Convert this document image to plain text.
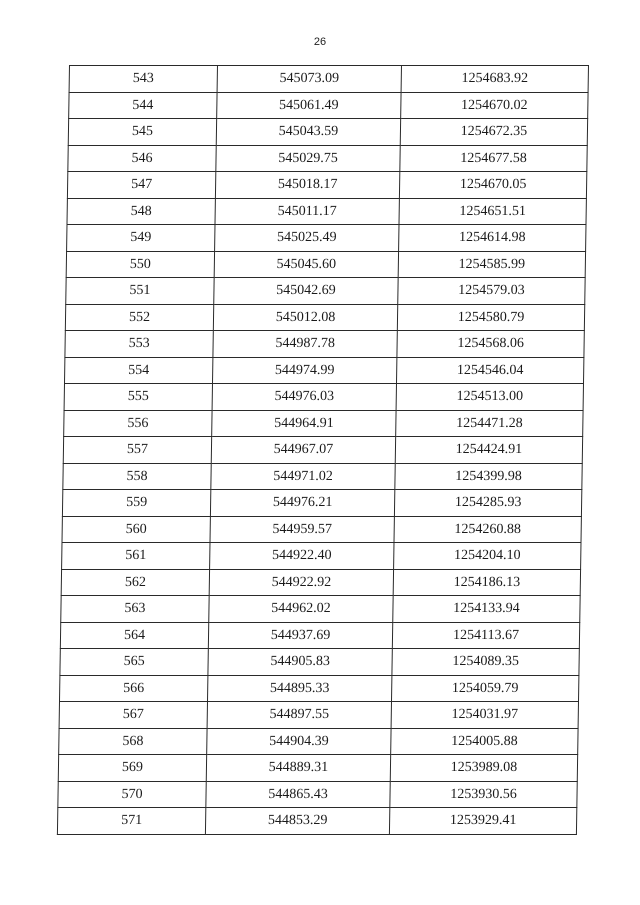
26
543	545073.09	1254683.92
544	545061.49	1254670.02
545	545043.59	1254672.35
546	545029.75	1254677.58
547	545018.17	1254670.05
548	545011.17	1254651.51
549	545025.49	1254614.98
550	545045.60	1254585.99
551	545042.69	1254579.03
552	545012.08	1254580.79
553	544987.78	1254568.06
554	544974.99	1254546.04
555	544976.03	1254513.00
556	544964.91	1254471.28
557	544967.07	1254424.91
558	544971.02	1254399.98
559	544976.21	1254285.93
560	544959.57	1254260.88
561	544922.40	1254204.10
562	544922.92	1254186.13
563	544962.02	1254133.94
564	544937.69	1254113.67
565	544905.83	1254089.35
566	544895.33	1254059.79
567	544897.55	1254031.97
568	544904.39	1254005.88
569	544889.31	1253989.08
570	544865.43	1253930.56
571	544853.29	1253929.41
